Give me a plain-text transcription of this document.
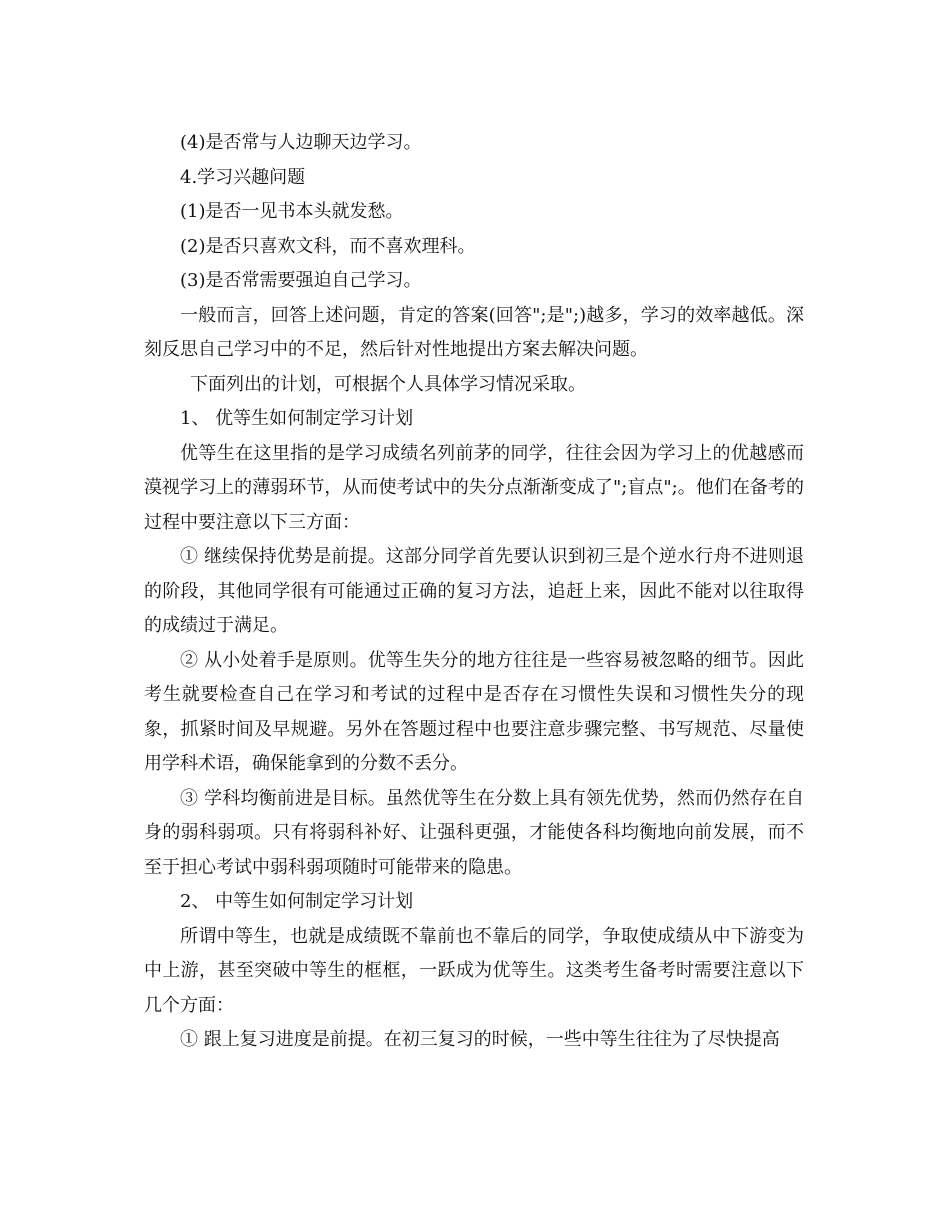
(4)是否常与人边聊天边学习。

4.学习兴趣问题

(1)是否一见书本头就发愁。

(2)是否只喜欢文科，而不喜欢理科。

(3)是否常需要强迫自己学习。

一般而言，回答上述问题，肯定的答案(回答";是";)越多，学习的效率越低。深刻反思自己学习中的不足，然后针对性地提出方案去解决问题。

下面列出的计划，可根据个人具体学习情况采取。

1、 优等生如何制定学习计划

优等生在这里指的是学习成绩名列前茅的同学，往往会因为学习上的优越感而漠视学习上的薄弱环节，从而使考试中的失分点渐渐变成了";盲点";。他们在备考的过程中要注意以下三方面：

① 继续保持优势是前提。这部分同学首先要认识到初三是个逆水行舟不进则退的阶段，其他同学很有可能通过正确的复习方法，追赶上来，因此不能对以往取得的成绩过于满足。

② 从小处着手是原则。优等生失分的地方往往是一些容易被忽略的细节。因此考生就要检查自己在学习和考试的过程中是否存在习惯性失误和习惯性失分的现象，抓紧时间及早规避。另外在答题过程中也要注意步骤完整、书写规范、尽量使用学科术语，确保能拿到的分数不丢分。

③ 学科均衡前进是目标。虽然优等生在分数上具有领先优势，然而仍然存在自身的弱科弱项。只有将弱科补好、让强科更强，才能使各科均衡地向前发展，而不至于担心考试中弱科弱项随时可能带来的隐患。

2、 中等生如何制定学习计划

所谓中等生，也就是成绩既不靠前也不靠后的同学，争取使成绩从中下游变为中上游，甚至突破中等生的框框，一跃成为优等生。这类考生备考时需要注意以下几个方面：

① 跟上复习进度是前提。在初三复习的时候，一些中等生往往为了尽快提高
